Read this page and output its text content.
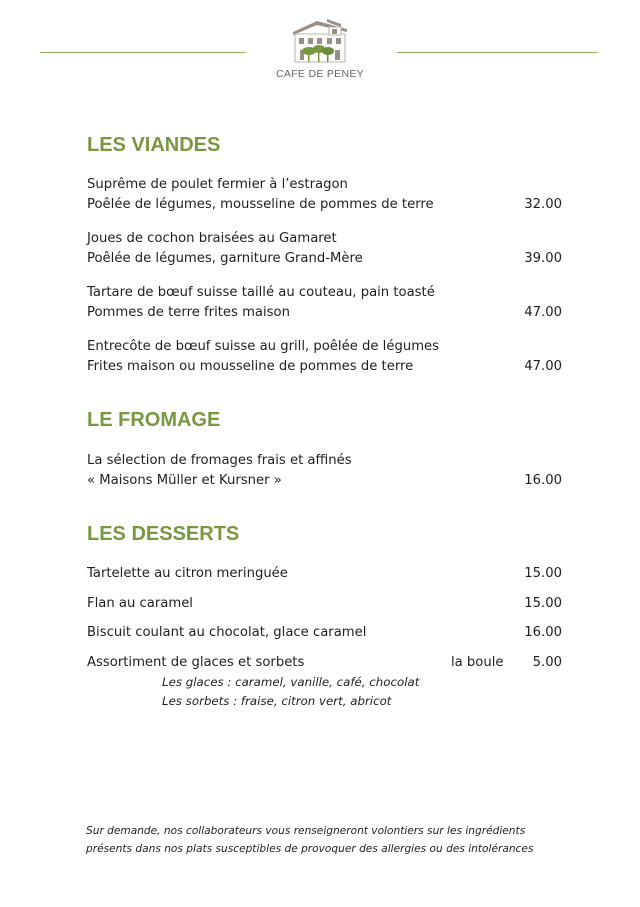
CAFE DE PENEY
LES VIANDES
Suprême de poulet fermier à l’estragon
Poêlée de légumes, mousseline de pommes de terre	32.00
Joues de cochon braisées au Gamaret
Poêlée de légumes, garniture Grand-Mère	39.00
Tartare de bœuf suisse taillé au couteau, pain toasté
Pommes de terre frites maison	47.00
Entrecôte de bœuf suisse au grill, poêlée de légumes
Frites maison ou mousseline de pommes de terre	47.00
LE FROMAGE
La sélection de fromages frais et affinés
« Maisons Müller et Kursner »	16.00
LES DESSERTS
Tartelette au citron meringuée	15.00
Flan au caramel	15.00
Biscuit coulant au chocolat, glace caramel	16.00
Assortiment de glaces et sorbets	la boule	5.00
Les glaces : caramel, vanille, café, chocolat
Les sorbets : fraise, citron vert, abricot
Sur demande, nos collaborateurs vous renseigneront volontiers sur les ingrédients
présents dans nos plats susceptibles de provoquer des allergies ou des intolérances
